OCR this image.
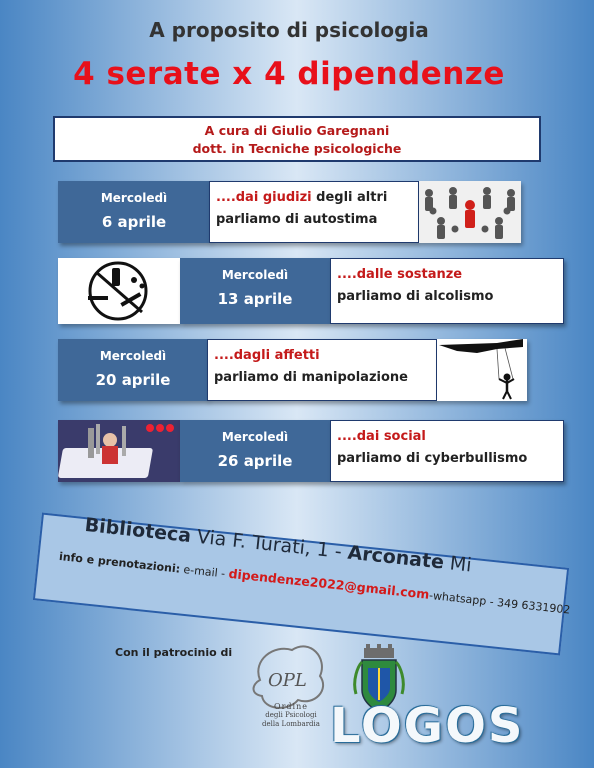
A proposito di psicologia
4 serate x 4 dipendenze
A cura di Giulio Garegnani
dott. in Tecniche psicologiche
Mercoledì
6 aprile
....dai giudizi degli altri
parliamo di autostima
Mercoledì
13 aprile
....dalle sostanze
parliamo di alcolismo
Mercoledì
20 aprile
....dagli affetti
parliamo di manipolazione
Mercoledì
26 aprile
....dai social
parliamo di cyberbullismo
Biblioteca Via F. Turati, 1 - Arconate Mi
info e prenotazioni: e-mail - dipendenze2022@gmail.com-whatsapp - 349 6331902
Con il patrocinio di
OPL
Ordine
degli Psicologi
della Lombardia LOGOS
